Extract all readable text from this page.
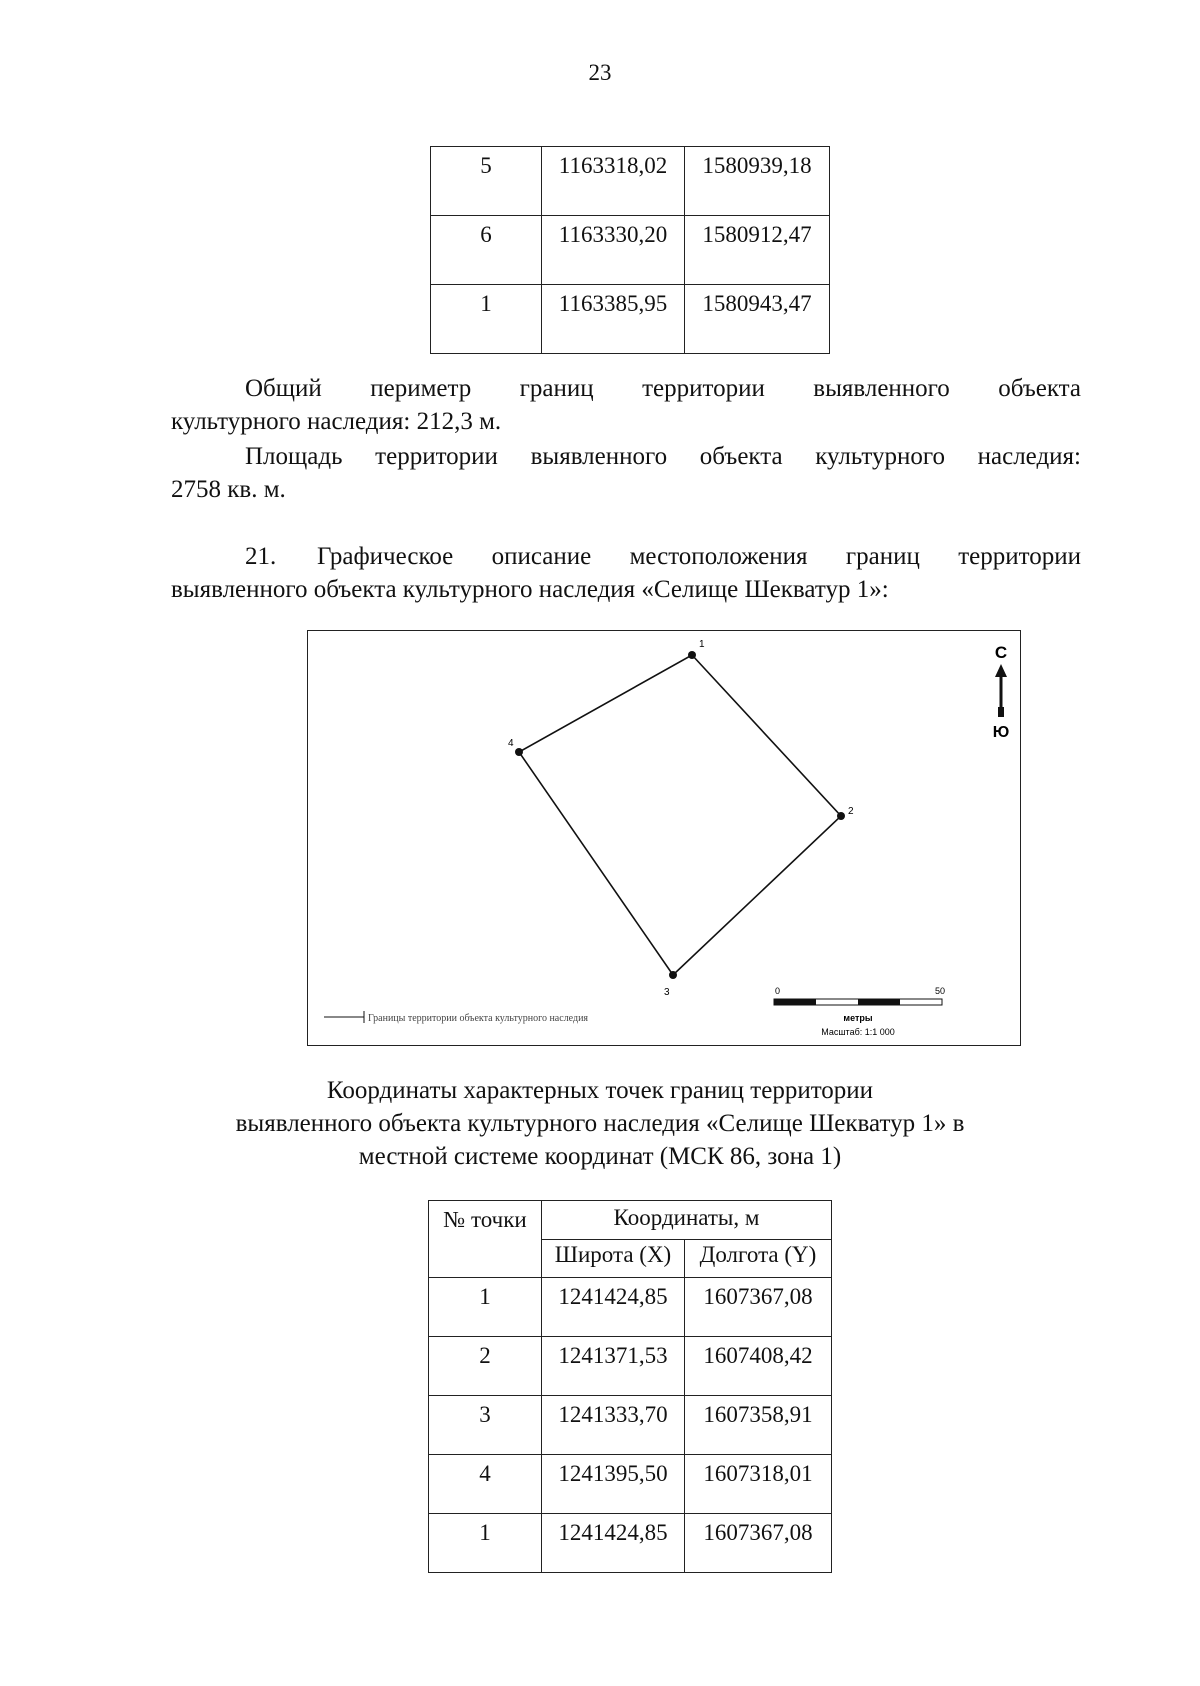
23
5	1163318,02	1580939,18
6	1163330,20	1580912,47
1	1163385,95	1580943,47
Общий периметр границ территории выявленного объекта
культурного наследия: 212,3 м.
Площадь территории выявленного объекта культурного наследия:
2758 кв. м.
21.	Графическое описание местоположения границ территории
выявленного объекта культурного наследия «Селище Шекватур 1»:
1
2
3
4
С
Ю
Границы территории объекта культурного наследия
0	50
метры
Масштаб: 1:1 000
Координаты характерных точек границ территории
выявленного объекта культурного наследия «Селище Шекватур 1» в
местной системе координат (МСК 86, зона 1)
№ точки	Координаты, м	
	Широта (X)	Долгота (Y)
1	1241424,85	1607367,08
2	1241371,53	1607408,42
3	1241333,70	1607358,91
4	1241395,50	1607318,01
1	1241424,85	1607367,08
